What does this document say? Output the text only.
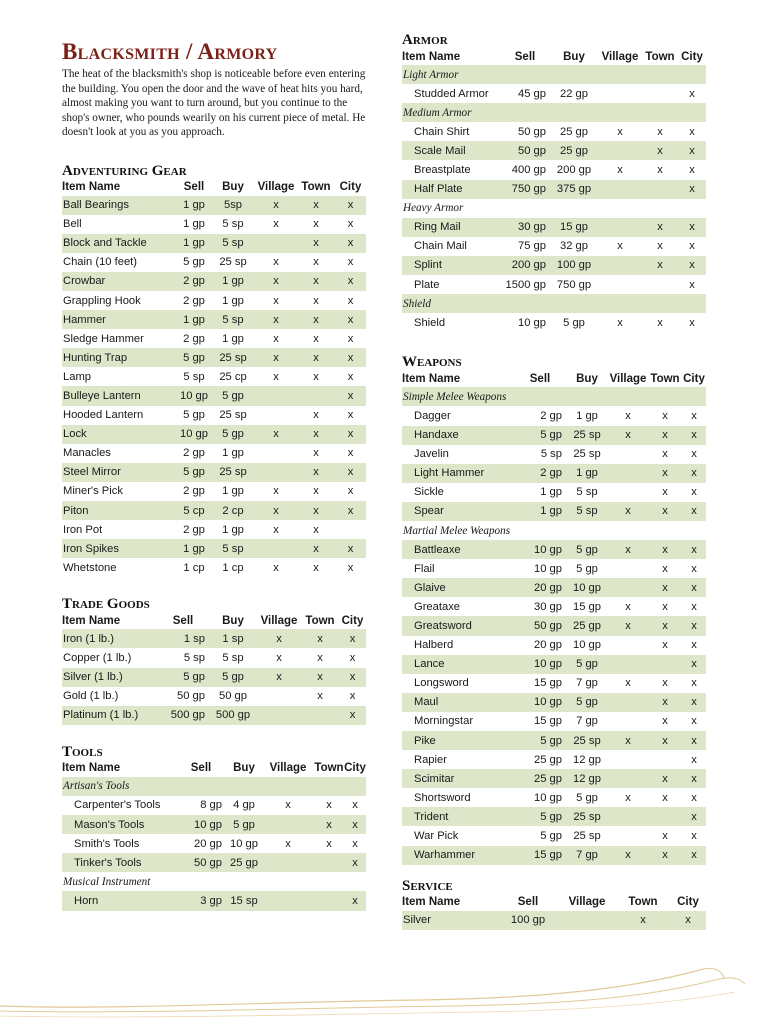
Blacksmith / Armory

The heat of the blacksmith's shop is noticeable before even entering the building. You open the door and the wave of heat hits you hard, almost making you want to turn around, but you continue to the shop's owner, who pounds wearily on his current piece of metal. He doesn't look at you as you approach.

Adventuring Gear
Item Name	Sell	Buy	Village	Town	City
Ball Bearings	1 gp	5sp	x	x	x
Bell	1 gp	5 sp	x	x	x
Block and Tackle	1 gp	5 sp		x	x
Chain (10 feet)	5 gp	25 sp	x	x	x
Crowbar	2 gp	1 gp	x	x	x
Grappling Hook	2 gp	1 gp	x	x	x
Hammer	1 gp	5 sp	x	x	x
Sledge Hammer	2 gp	1 gp	x	x	x
Hunting Trap	5 gp	25 sp	x	x	x
Lamp	5 sp	25 cp	x	x	x
Bulleye Lantern	10 gp	5 gp			x
Hooded Lantern	5 gp	25 sp		x	x
Lock	10 gp	5 gp	x	x	x
Manacles	2 gp	1 gp		x	x
Steel Mirror	5 gp	25 sp		x	x
Miner's Pick	2 gp	1 gp	x	x	x
Piton	5 cp	2 cp	x	x	x
Iron Pot	2 gp	1 gp	x	x	
Iron Spikes	1 gp	5 sp		x	x
Whetstone	1 cp	1 cp	x	x	x
Trade Goods
Item Name	Sell	Buy	Village	Town	City
Iron (1 lb.)	1 sp	1 sp	x	x	x
Copper (1 lb.)	5 sp	5 sp	x	x	x
Silver (1 lb.)	5 gp	5 gp	x	x	x
Gold (1 lb.)	50 gp	50 gp		x	x
Platinum (1 lb.)	500 gp	500 gp			x
Tools
Item Name	Sell	Buy	Village	Town	City
Artisan's Tools					
Carpenter's Tools	8 gp	4 gp	x	x	x
Mason's Tools	10 gp	5 gp		x	x
Smith's Tools	20 gp	10 gp	x	x	x
Tinker's Tools	50 gp	25 gp			x
Musical Instrument					
Horn	3 gp	15 sp			x
Armor
Item Name	Sell	Buy	Village	Town	City
Light Armor					
Studded Armor	45 gp	22 gp			x
Medium Armor					
Chain Shirt	50 gp	25 gp	x	x	x
Scale Mail	50 gp	25 gp		x	x
Breastplate	400 gp	200 gp	x	x	x
Half Plate	750 gp	375 gp			x
Heavy Armor					
Ring Mail	30 gp	15 gp		x	x
Chain Mail	75 gp	32 gp	x	x	x
Splint	200 gp	100 gp		x	x
Plate	1500 gp	750 gp			x
Shield					
Shield	10 gp	5 gp	x	x	x
Weapons
Item Name	Sell	Buy	Village	Town	City
Simple Melee Weapons					
Dagger	2 gp	1 gp	x	x	x
Handaxe	5 gp	25 sp	x	x	x
Javelin	5 sp	25 sp		x	x
Light Hammer	2 gp	1 gp		x	x
Sickle	1 gp	5 sp		x	x
Spear	1 gp	5 sp	x	x	x
Martial Melee Weapons					
Battleaxe	10 gp	5 gp	x	x	x
Flail	10 gp	5 gp		x	x
Glaive	20 gp	10 gp		x	x
Greataxe	30 gp	15 gp	x	x	x
Greatsword	50 gp	25 gp	x	x	x
Halberd	20 gp	10 gp		x	x
Lance	10 gp	5 gp			x
Longsword	15 gp	7 gp	x	x	x
Maul	10 gp	5 gp		x	x
Morningstar	15 gp	7 gp		x	x
Pike	5 gp	25 sp	x	x	x
Rapier	25 gp	12 gp			x
Scimitar	25 gp	12 gp		x	x
Shortsword	10 gp	5 gp	x	x	x
Trident	5 gp	25 sp			x
War Pick	5 gp	25 sp		x	x
Warhammer	15 gp	7 gp	x	x	x
Service
Item Name	Sell	Village	Town	City
Silver	100 gp		x	x
